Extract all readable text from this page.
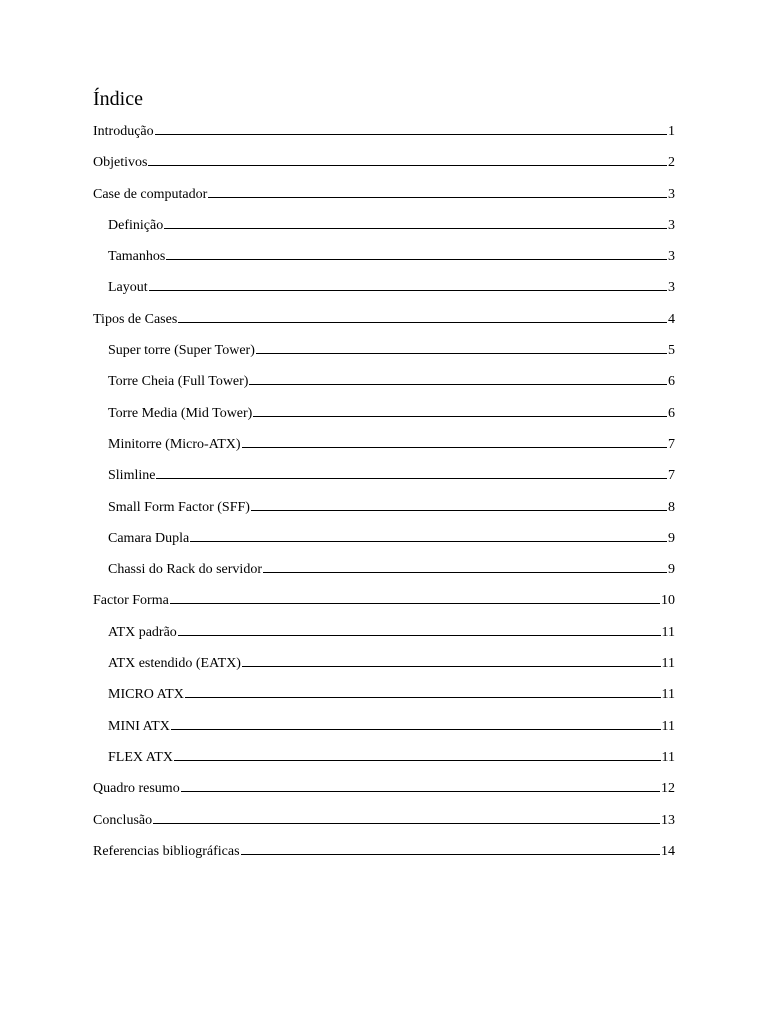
Índice
Introdução	1
Objetivos	2
Case de computador	3
Definição	3
Tamanhos	3
Layout	3
Tipos de Cases	4
Super torre (Super Tower)	5
Torre Cheia (Full Tower)	6
Torre Media (Mid Tower)	6
Minitorre (Micro-ATX)	7
Slimline	7
Small Form Factor (SFF)	8
Camara Dupla	9
Chassi do Rack do servidor	9
Factor Forma	10
ATX padrão	11
ATX estendido (EATX)	11
MICRO ATX	11
MINI ATX	11
FLEX ATX	11
Quadro resumo	12
Conclusão	13
Referencias bibliográficas	14
